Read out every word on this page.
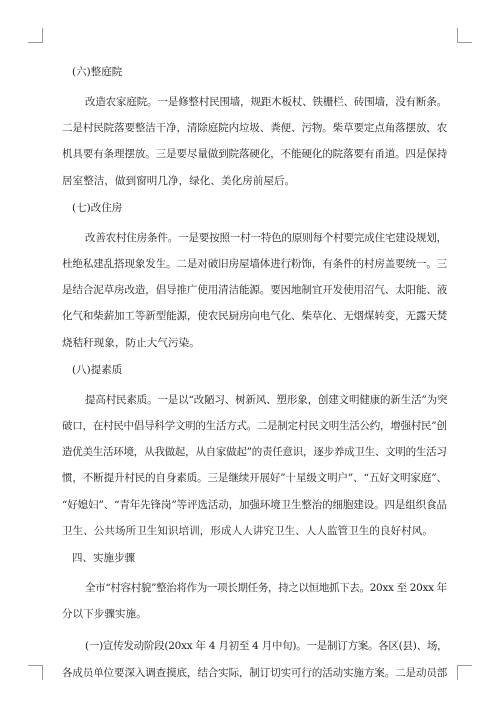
(六)整庭院
改造农家庭院。一是修整村民围墙，规距木板杖、铁栅栏、砖围墙，没有断条。
二是村民院落要整洁干净，清除庭院内垃圾、粪便、污物。柴草要定点角落摆放，农
机具要有条理摆放。三是要尽量做到院落硬化，不能硬化的院落要有甬道。四是保持
居室整洁，做到窗明几净，绿化、美化房前屋后。
(七)改住房
改善农村住房条件。一是要按照一村一特色的原则每个村要完成住宅建设规划，
杜绝私建乱搭现象发生。二是对破旧房屋墙体进行粉饰，有条件的村房盖要统一。三
是结合泥草房改造，倡导推广使用清洁能源。要因地制宜开发使用沼气、太阳能、液
化气和柴薪加工等新型能源，使农民厨房向电气化、柴草化、无烟煤转变，无露天焚
烧秸秆现象，防止大气污染。
(八)提素质
提高村民素质。一是以“改陋习、树新风、塑形象，创建文明健康的新生活”为突
破口，在村民中倡导科学文明的生活方式。二是制定村民文明生活公约，增强村民”创
造优美生活环境，从我做起，从自家做起”的责任意识，逐步养成卫生、文明的生活习
惯，不断提升村民的自身素质。三是继续开展好”十星级文明户”、“五好文明家庭”、
“好媳妇”、“青年先锋岗”等评选活动，加强环境卫生整治的细胞建设。四是组织食品
卫生、公共场所卫生知识培训，形成人人讲究卫生、人人监管卫生的良好村风。
四、实施步骤
全市“村容村貌”整治将作为一项长期任务，持之以恒地抓下去。20xx 至 20xx 年
分以下步骤实施。
(一)宣传发动阶段(20xx 年 4 月初至 4 月中旬)。一是制订方案。各区(县)、场，
各成员单位要深入调查摸底，结合实际，制订切实可行的活动实施方案。二是动员部
